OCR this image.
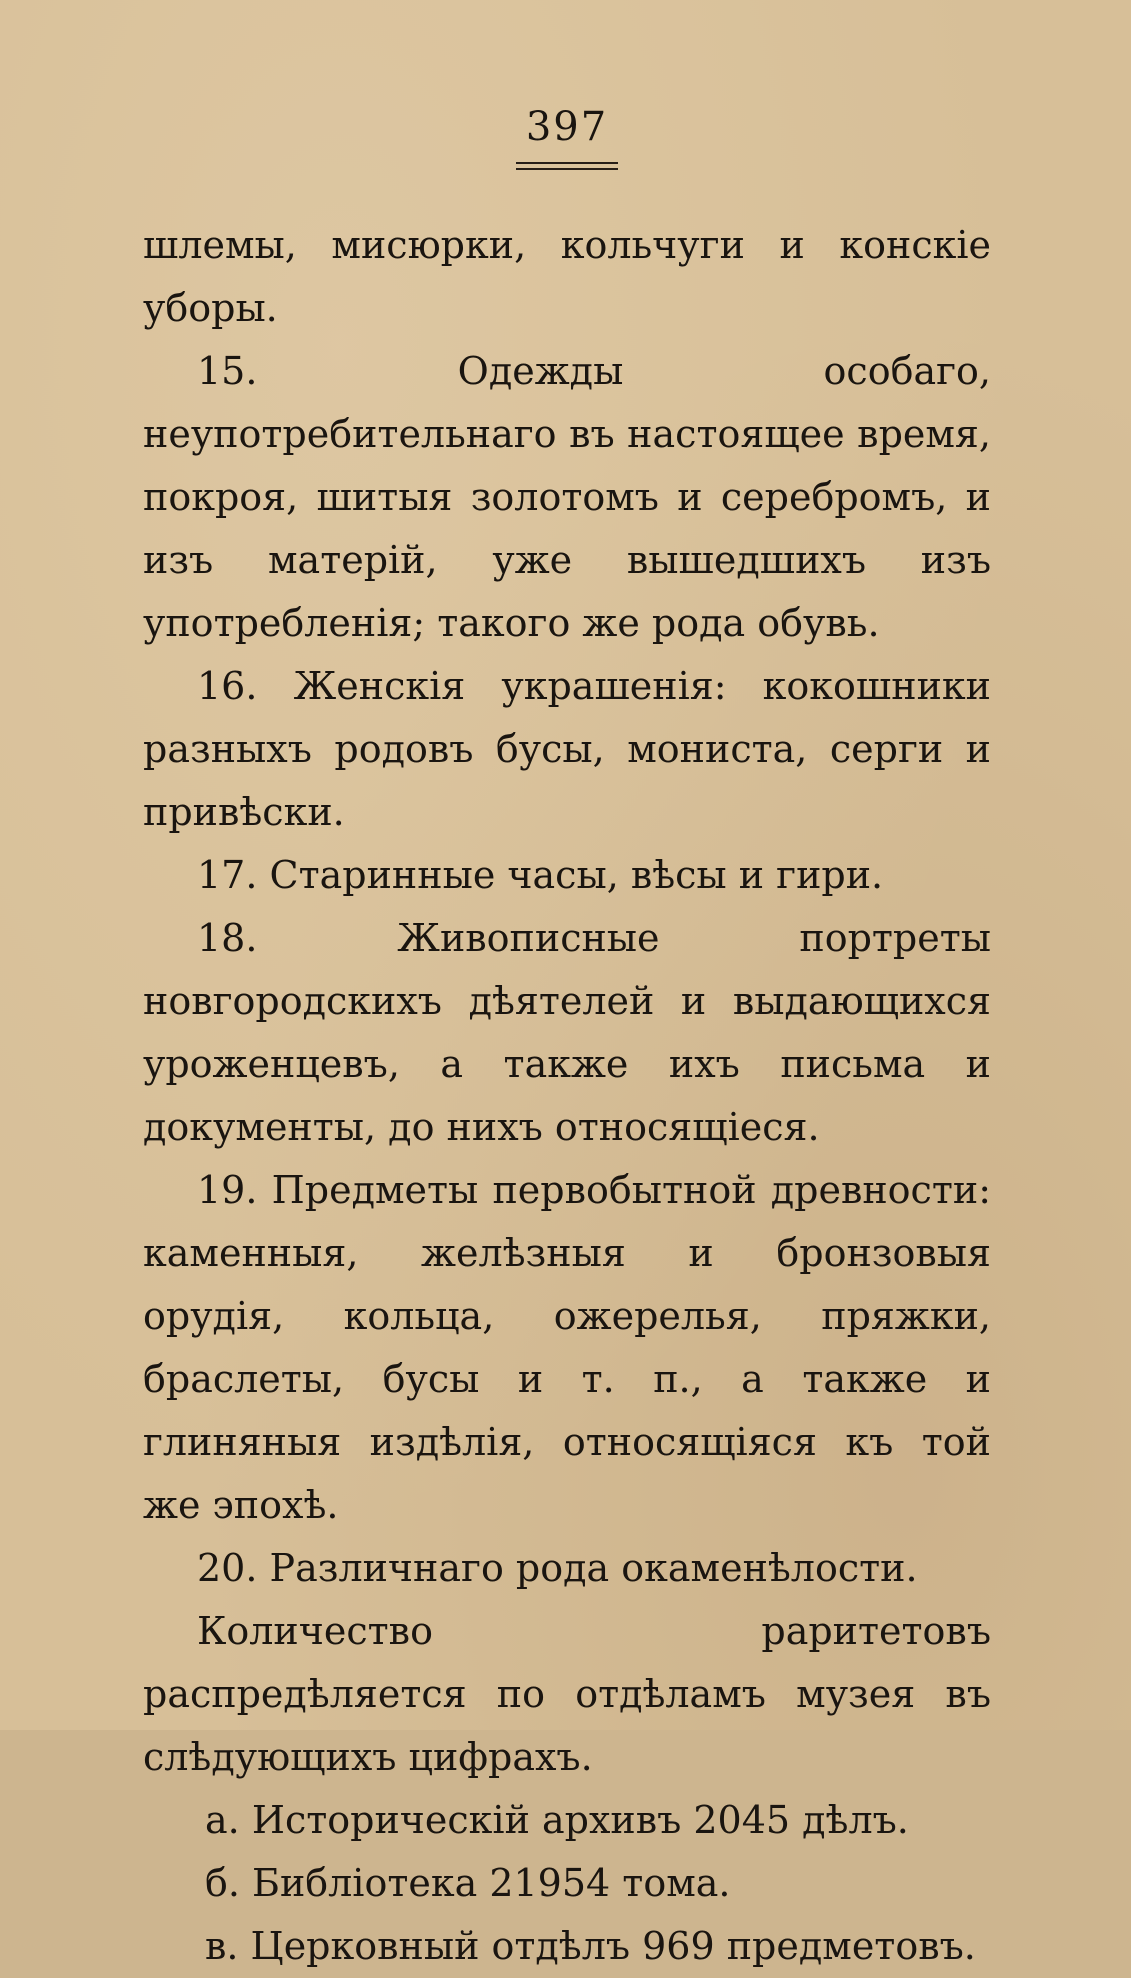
397

шлемы, мисюрки, кольчуги и конскіе уборы.

15. Одежды особаго, неупотребительнаго въ настоящее время, покроя, шитыя золотомъ и серебромъ, и изъ матерій, уже вышедшихъ изъ употребленія; такого же рода обувь.

16. Женскія украшенія: кокошники разныхъ родовъ бусы, мониста, серги и привѣски.

17. Старинные часы, вѣсы и гири.

18. Живописные портреты новгородскихъ дѣятелей и выдающихся уроженцевъ, а также ихъ письма и документы, до нихъ относящіеся.

19. Предметы первобытной древности: каменныя, желѣзныя и бронзовыя орудія, кольца, ожерелья, пряжки, браслеты, бусы и т. п., а также и глиняныя издѣлія, относящіяся къ той же эпохѣ.

20. Различнаго рода окаменѣлости.

Количество раритетовъ распредѣляется по отдѣламъ музея въ слѣдующихъ цифрахъ.

а. Историческій архивъ 2045 дѣлъ.

б. Библіотека 21954 тома.

в. Церковный отдѣлъ 969 предметовъ.
